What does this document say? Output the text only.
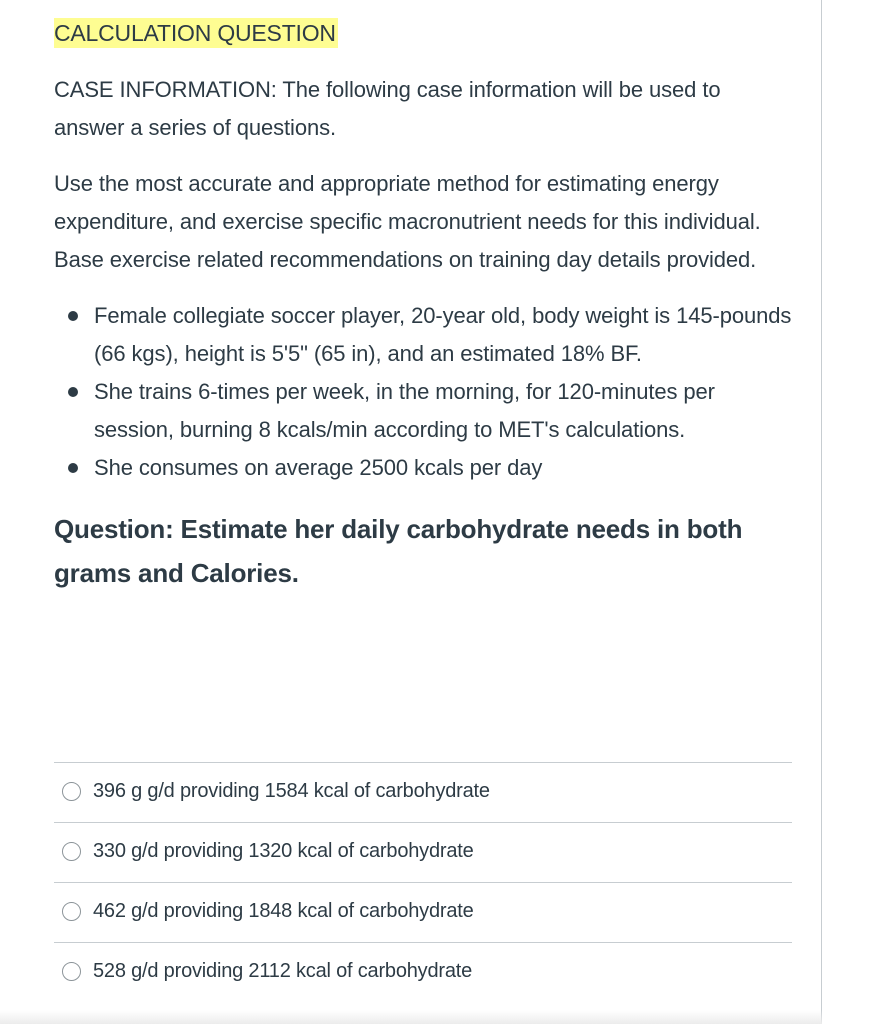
CALCULATION QUESTION

CASE INFORMATION: The following case information will be used to answer a series of questions.

Use the most accurate and appropriate method for estimating energy expenditure, and exercise specific macronutrient needs for this individual. Base exercise related recommendations on training day details provided.

Female collegiate soccer player, 20-year old, body weight is 145-pounds (66 kgs), height is 5'5" (65 in), and an estimated 18% BF.
She trains 6-times per week, in the morning, for 120-minutes per session, burning 8 kcals/min according to MET's calculations.
She consumes on average 2500 kcals per day

Question: Estimate her daily carbohydrate needs in both grams and Calories.

396 g g/d providing 1584 kcal of carbohydrate
330 g/d providing 1320 kcal of carbohydrate
462 g/d providing 1848 kcal of carbohydrate
528 g/d providing 2112 kcal of carbohydrate
